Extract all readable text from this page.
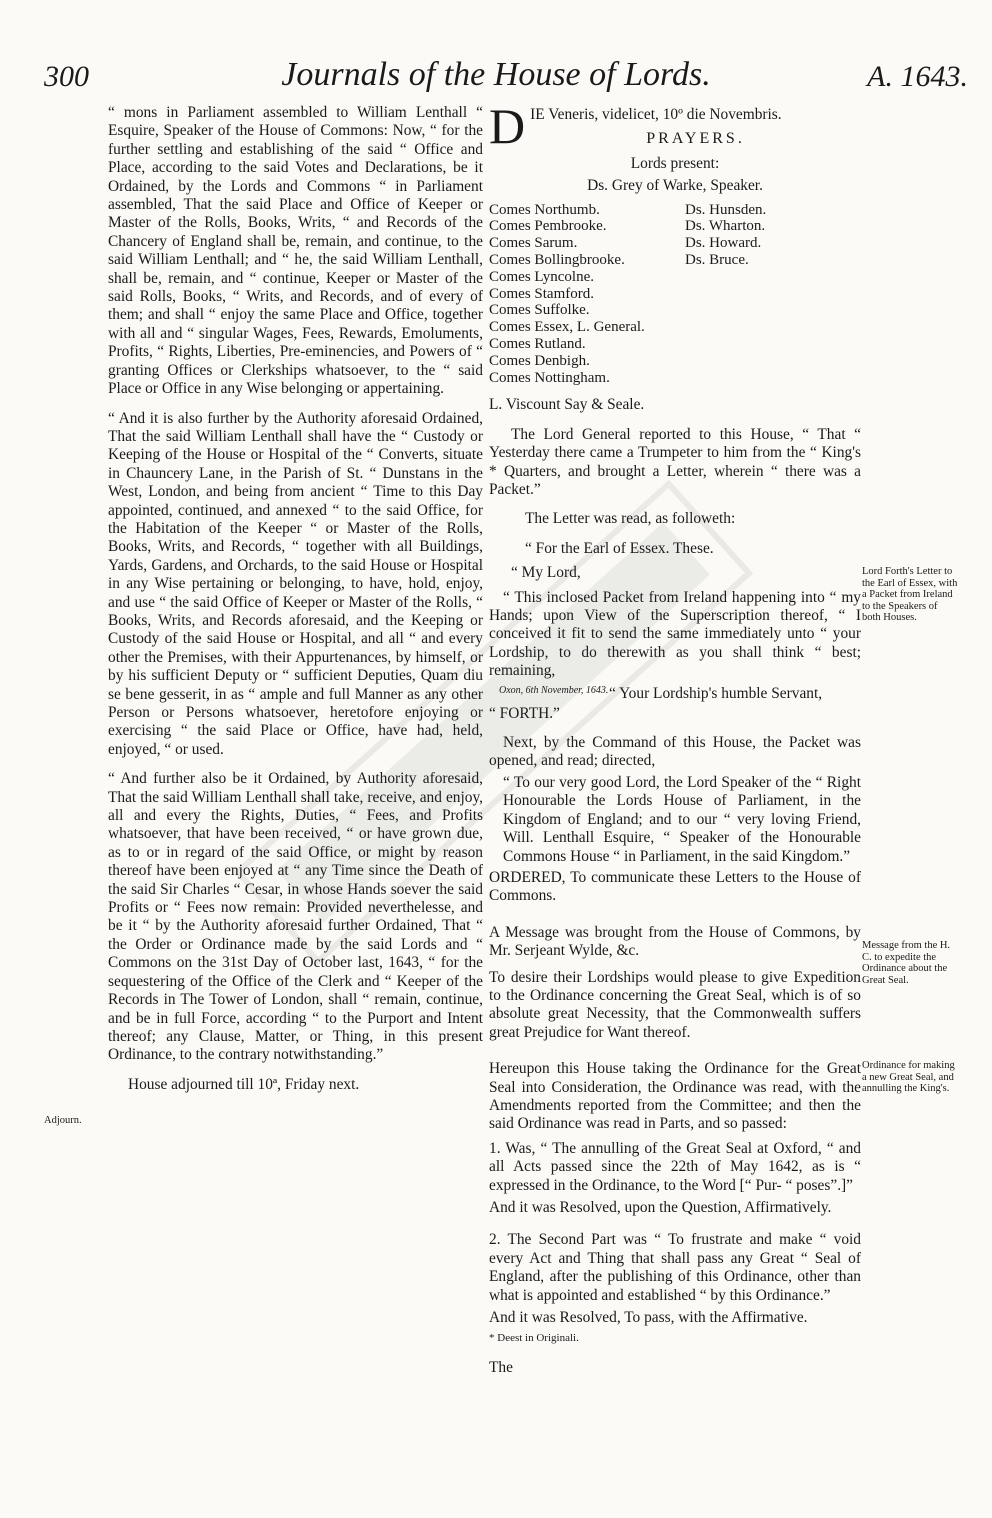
300	Journals of the House of Lords.	A. 1643.
Adjourn.

“ mons in Parliament assembled to William Lenthall “ Esquire, Speaker of the House of Commons: Now, “ for the further settling and establishing of the said “ Office and Place, according to the said Votes and Declarations, be it Ordained, by the Lords and Commons “ in Parliament assembled, That the said Place and Office of Keeper or Master of the Rolls, Books, Writs, “ and Records of the Chancery of England shall be, remain, and continue, to the said William Lenthall; and “ he, the said William Lenthall, shall be, remain, and “ continue, Keeper or Master of the said Rolls, Books, “ Writs, and Records, and of every of them; and shall “ enjoy the same Place and Office, together with all and “ singular Wages, Fees, Rewards, Emoluments, Profits, “ Rights, Liberties, Pre-eminencies, and Powers of “ granting Offices or Clerkships whatsoever, to the “ said Place or Office in any Wise belonging or appertaining.

“ And it is also further by the Authority aforesaid Ordained, That the said William Lenthall shall have the “ Custody or Keeping of the House or Hospital of the “ Converts, situate in Chauncery Lane, in the Parish of St. “ Dunstans in the West, London, and being from ancient “ Time to this Day appointed, continued, and annexed “ to the said Office, for the Habitation of the Keeper “ or Master of the Rolls, Books, Writs, and Records, “ together with all Buildings, Yards, Gardens, and Orchards, to the said House or Hospital in any Wise pertaining or belonging, to have, hold, enjoy, and use “ the said Office of Keeper or Master of the Rolls, “ Books, Writs, and Records aforesaid, and the Keeping or Custody of the said House or Hospital, and all “ and every other the Premises, with their Appurtenances, by himself, or by his sufficient Deputy or “ sufficient Deputies, Quam diu se bene gesserit, in as “ ample and full Manner as any other Person or Persons whatsoever, heretofore enjoying or exercising “ the said Place or Office, have had, held, enjoyed, “ or used.

“ And further also be it Ordained, by Authority aforesaid, That the said William Lenthall shall take, receive, and enjoy, all and every the Rights, Duties, “ Fees, and Profits whatsoever, that have been received, “ or have grown due, as to or in regard of the said Office, or might by reason thereof have been enjoyed at “ any Time since the Death of the said Sir Charles “ Cesar, in whose Hands soever the said Profits or “ Fees now remain: Provided neverthelesse, and be it “ by the Authority aforesaid further Ordained, That “ the Order or Ordinance made by the said Lords and “ Commons on the 31st Day of October last, 1643, “ for the sequestering of the Office of the Clerk and “ Keeper of the Records in The Tower of London, shall “ remain, continue, and be in full Force, according “ to the Purport and Intent thereof; any Clause, Matter, or Thing, in this present Ordinance, to the contrary notwithstanding.”

House adjourned till 10ª, Friday next.

D IE Veneris, videlicet, 10º die Novembris.
PRAYERS.
Lords present:
Ds. Grey of Warke, Speaker.
Comes Northumb.
Comes Pembrooke.
Comes Sarum.
Comes Bollingbrooke.
Comes Lyncolne.
Comes Stamford.
Comes Suffolke.
Comes Essex, L. General.
Comes Rutland.
Comes Denbigh.
Comes Nottingham.
Ds. Hunsden.
Ds. Wharton.
Ds. Howard.
Ds. Bruce.

L. Viscount Say & Seale.

The Lord General reported to this House, “ That “ Yesterday there came a Trumpeter to him from the “ King's * Quarters, and brought a Letter, wherein “ there was a Packet.”

The Letter was read, as followeth:

“ For the Earl of Essex. These.

“ My Lord,

“ This inclosed Packet from Ireland happening into “ my Hands; upon View of the Superscription thereof, “ I conceived it fit to send the same immediately unto “ your Lordship, to do therewith as you shall think “ best; remaining,

Oxon, 6th November, 1643. “ Your Lordship's humble Servant,

“ FORTH.”

Next, by the Command of this House, the Packet was opened, and read; directed,

“ To our very good Lord, the Lord Speaker of the “ Right Honourable the Lords House of Parliament, in the Kingdom of England; and to our “ very loving Friend, Will. Lenthall Esquire, “ Speaker of the Honourable Commons House “ in Parliament, in the said Kingdom.”

ORDERED, To communicate these Letters to the House of Commons.

A Message was brought from the House of Commons, by Mr. Serjeant Wylde, &c.

To desire their Lordships would please to give Expedition to the Ordinance concerning the Great Seal, which is of so absolute great Necessity, that the Commonwealth suffers great Prejudice for Want thereof.

Hereupon this House taking the Ordinance for the Great Seal into Consideration, the Ordinance was read, with the Amendments reported from the Committee; and then the said Ordinance was read in Parts, and so passed:

1. Was, “ The annulling of the Great Seal at Oxford, “ and all Acts passed since the 22th of May 1642, as is “ expressed in the Ordinance, to the Word [“ Pur- “ poses”.]”

And it was Resolved, upon the Question, Affirmatively.

2. The Second Part was “ To frustrate and make “ void every Act and Thing that shall pass any Great “ Seal of England, after the publishing of this Ordinance, other than what is appointed and established “ by this Ordinance.”

And it was Resolved, To pass, with the Affirmative.

* Deest in Originali.

The

Lord Forth's Letter to the Earl of Essex, with a Packet from Ireland to the Speakers of both Houses.
Message from the H. C. to expedite the Ordinance about the Great Seal.
Ordinance for making a new Great Seal, and annulling the King's.
